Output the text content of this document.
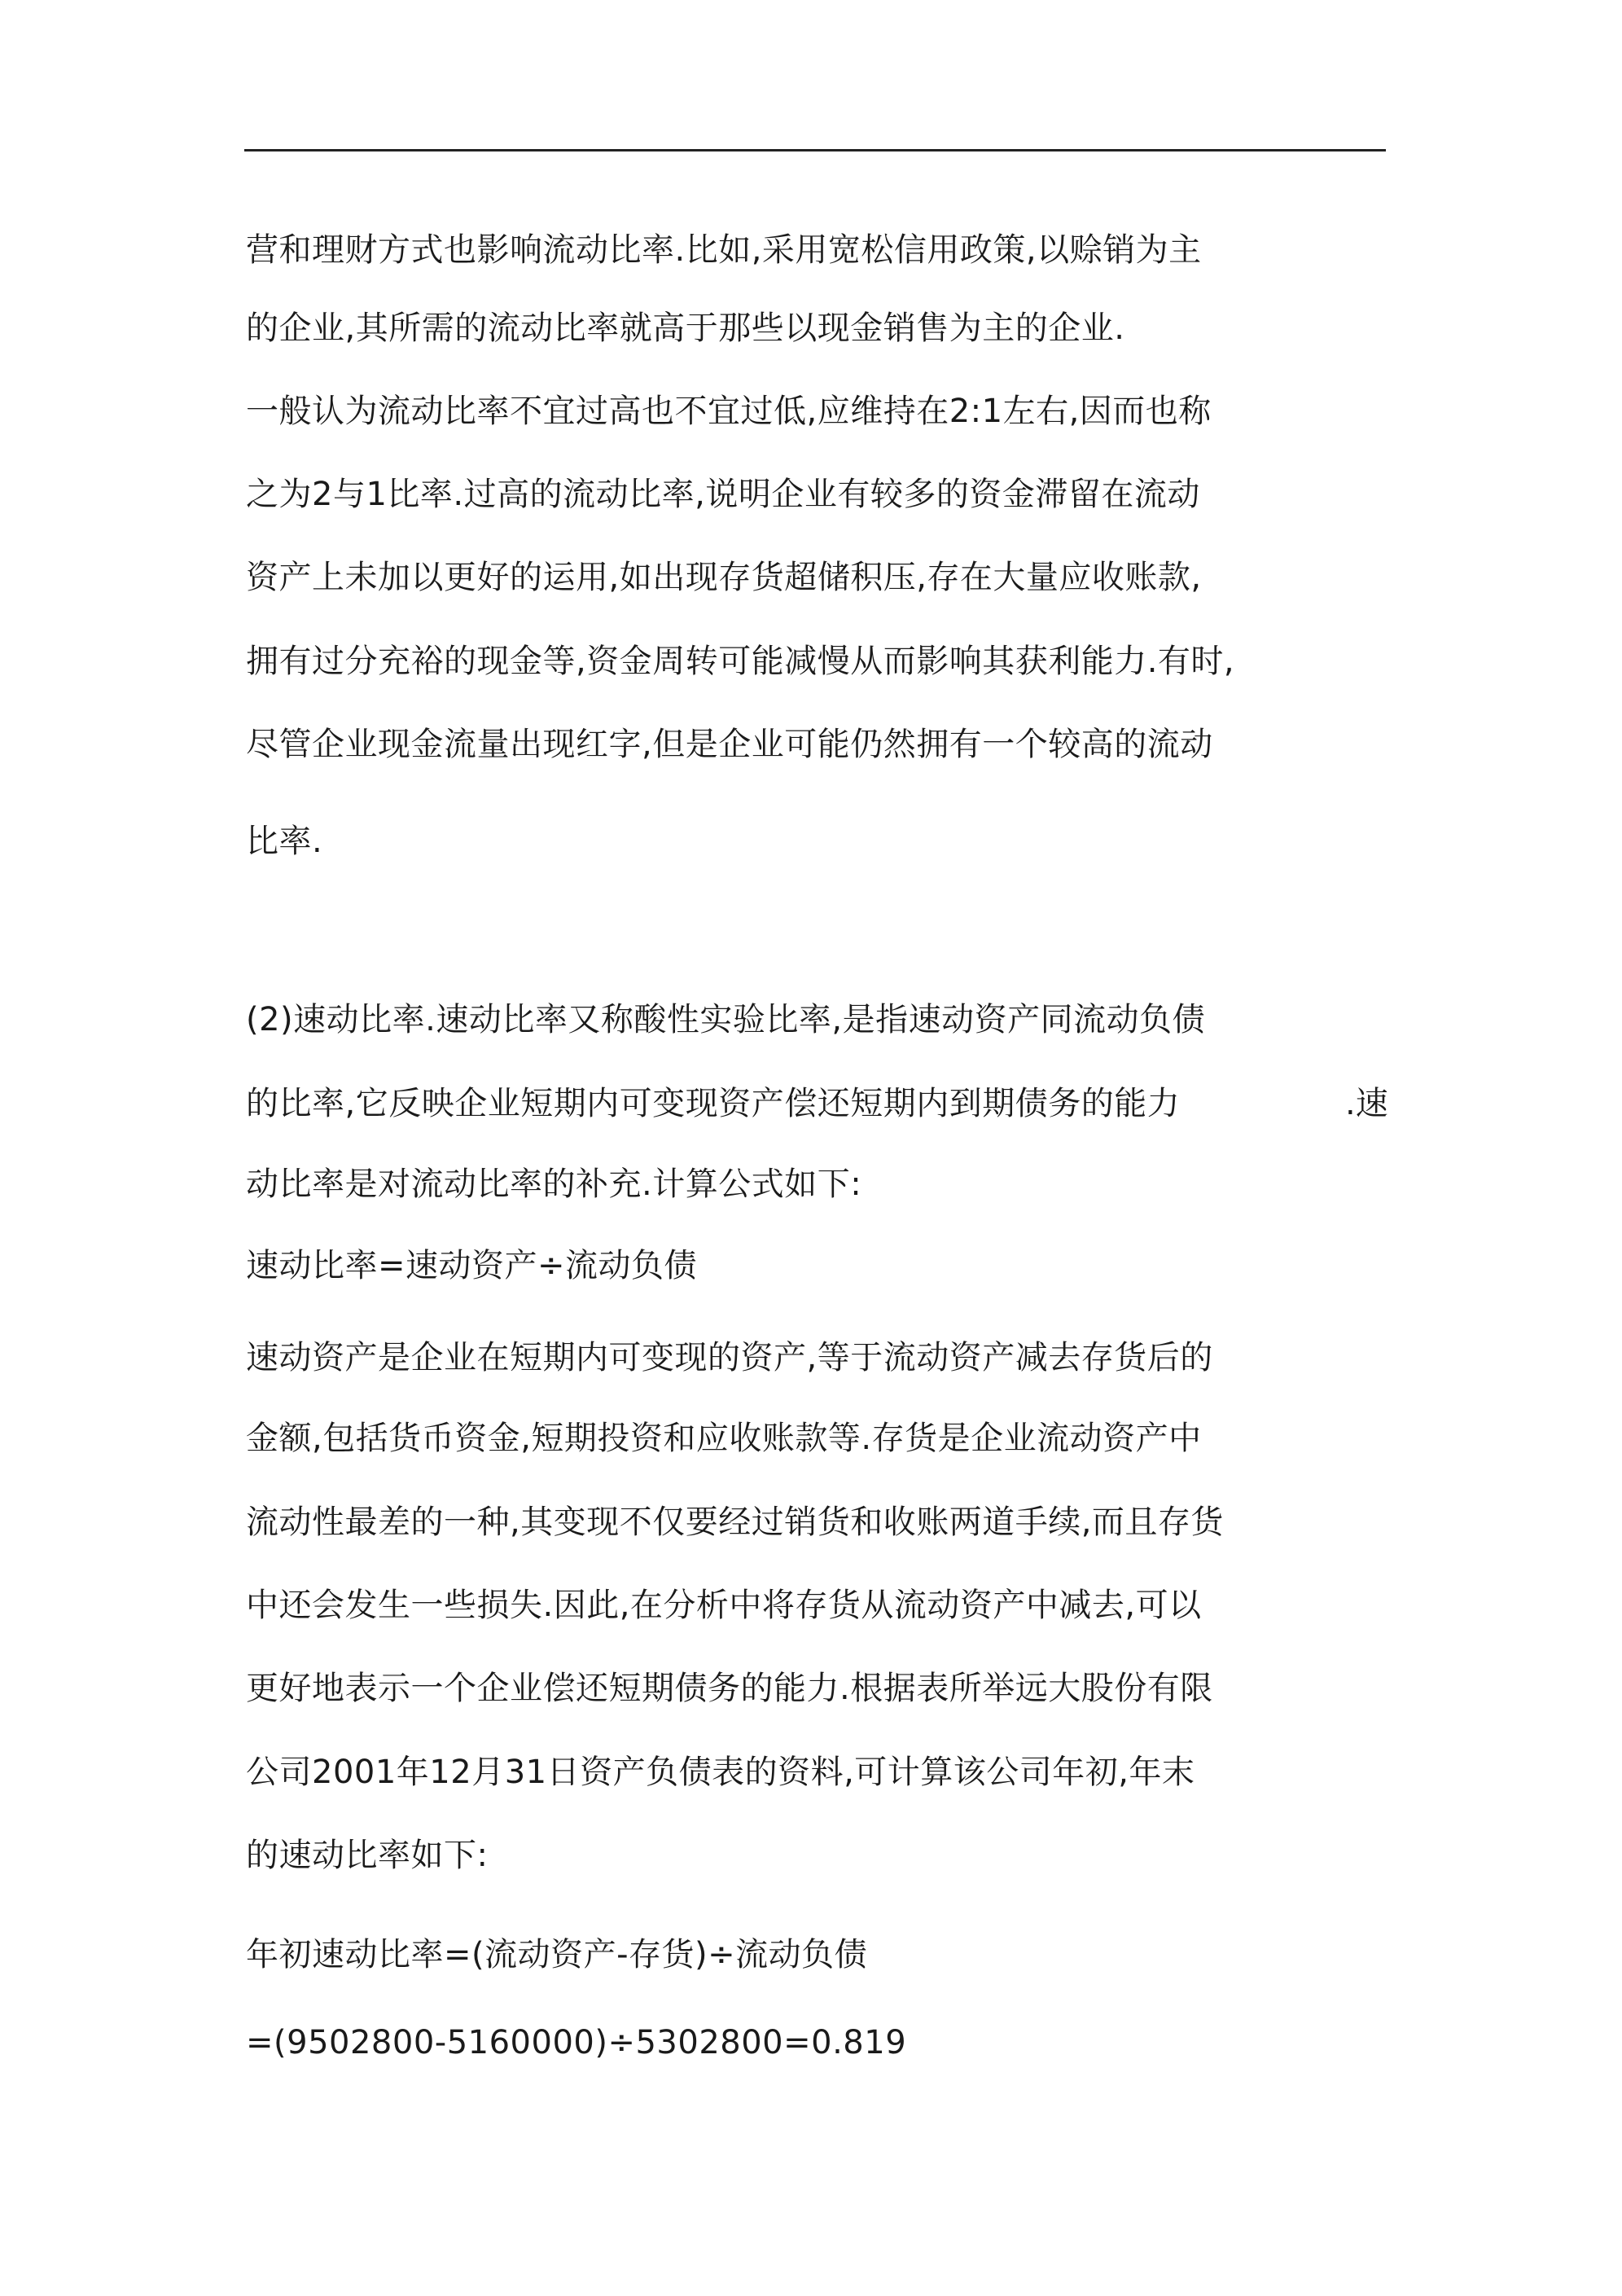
营和理财方式也影响流动比率.比如,采用宽松信用政策,以赊销为主
的企业,其所需的流动比率就高于那些以现金销售为主的企业.
一般认为流动比率不宜过高也不宜过低,应维持在2:1左右,因而也称
之为2与1比率.过高的流动比率,说明企业有较多的资金滞留在流动
资产上未加以更好的运用,如出现存货超储积压,存在大量应收账款,
拥有过分充裕的现金等,资金周转可能减慢从而影响其获利能力.有时,
尽管企业现金流量出现红字,但是企业可能仍然拥有一个较高的流动
比率.
(2)速动比率.速动比率又称酸性实验比率,是指速动资产同流动负债
的比率,它反映企业短期内可变现资产偿还短期内到期债务的能力	.速
动比率是对流动比率的补充.计算公式如下:
速动比率=速动资产÷流动负债
速动资产是企业在短期内可变现的资产,等于流动资产减去存货后的
金额,包括货币资金,短期投资和应收账款等.存货是企业流动资产中
流动性最差的一种,其变现不仅要经过销货和收账两道手续,而且存货
中还会发生一些损失.因此,在分析中将存货从流动资产中减去,可以
更好地表示一个企业偿还短期债务的能力.根据表所举远大股份有限
公司2001年12月31日资产负债表的资料,可计算该公司年初,年末
的速动比率如下:
年初速动比率=(流动资产-存货)÷流动负债
=(9502800-5160000)÷5302800=0.819
